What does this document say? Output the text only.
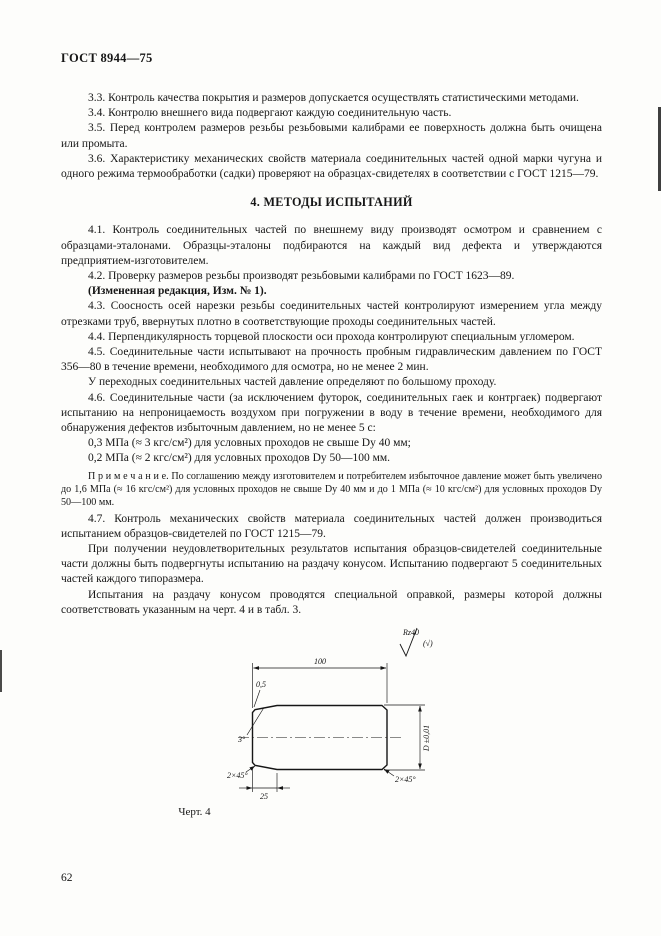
ГОСТ 8944—75

3.3. Контроль качества покрытия и размеров допускается осуществлять статистическими методами.

3.4. Контролю внешнего вида подвергают каждую соединительную часть.

3.5. Перед контролем размеров резьбы резьбовыми калибрами ее поверхность должна быть очищена или промыта.

3.6. Характеристику механических свойств материала соединительных частей одной марки чугуна и одного режима термообработки (садки) проверяют на образцах-свидетелях в соответствии с ГОСТ 1215—79.

4. МЕТОДЫ ИСПЫТАНИЙ

4.1. Контроль соединительных частей по внешнему виду производят осмотром и сравнением с образцами-эталонами. Образцы-эталоны подбираются на каждый вид дефекта и утверждаются предприятием-изготовителем.

4.2. Проверку размеров резьбы производят резьбовыми калибрами по ГОСТ 1623—89.

(Измененная редакция, Изм. № 1).

4.3. Соосность осей нарезки резьбы соединительных частей контролируют измерением угла между отрезками труб, ввернутых плотно в соответствующие проходы соединительных частей.

4.4. Перпендикулярность торцевой плоскости оси прохода контролируют специальным угломером.

4.5. Соединительные части испытывают на прочность пробным гидравлическим давлением по ГОСТ 356—80 в течение времени, необходимого для осмотра, но не менее 2 мин.

У переходных соединительных частей давление определяют по большому проходу.

4.6. Соединительные части (за исключением футорок, соединительных гаек и контргаек) подвергают испытанию на непроницаемость воздухом при погружении в воду в течение времени, необходимого для обнаружения дефектов избыточным давлением, но не менее 5 с:

0,3 МПа (≈ 3 кгс/см²) для условных проходов не свыше Dу 40 мм;

0,2 МПа (≈ 2 кгс/см²) для условных проходов Dу 50—100 мм.

П р и м е ч а н и е. По соглашению между изготовителем и потребителем избыточное давление может быть увеличено до 1,6 МПа (≈ 16 кгс/см²) для условных проходов не свыше Dу 40 мм и до 1 МПа (≈ 10 кгс/см²) для условных проходов Dу 50—100 мм.

4.7. Контроль механических свойств материала соединительных частей должен производиться испытанием образцов-свидетелей по ГОСТ 1215—79.

При получении неудовлетворительных результатов испытания образцов-свидетелей соединительные части должны быть подвергнуты испытанию на раздачу конусом. Испытанию подвергают 5 соединительных частей каждого типоразмера.

Испытания на раздачу конусом проводятся специальной оправкой, размеры которой должны соответствовать указанным на черт. 4 и в табл. 3.

Rz40
(√)
100
0,5
D ±0,01
3°
2×45°	2×45°
25

Черт. 4

62
